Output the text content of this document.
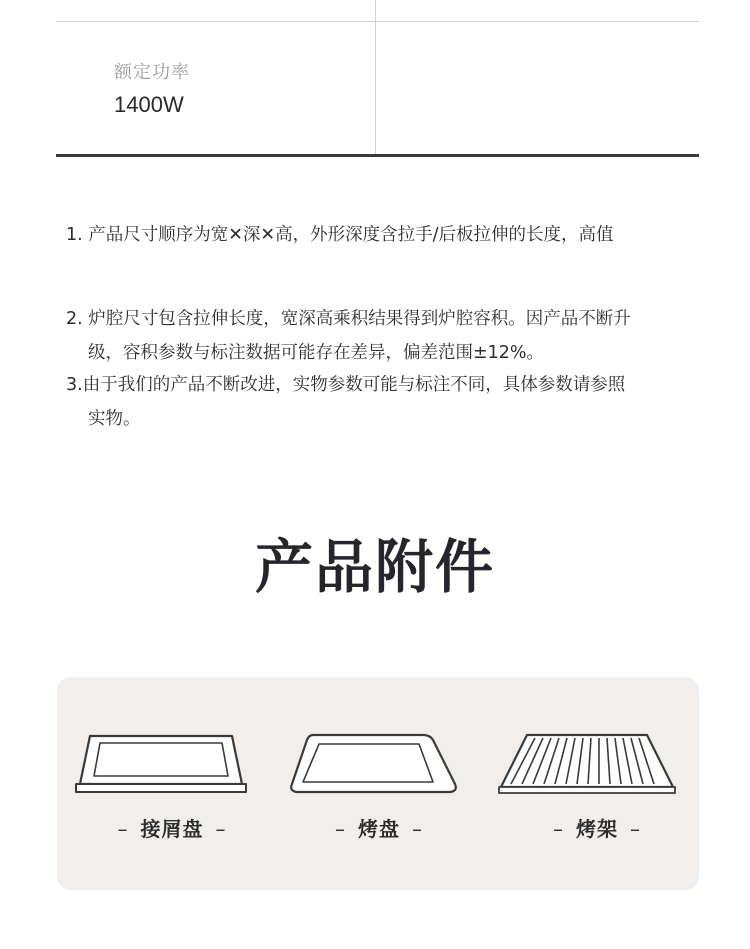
额定功率
1400W
1. 产品尺寸顺序为宽✕深✕高，外形深度含拉手/后板拉伸的长度，高值
2. 炉腔尺寸包含拉伸长度，宽深高乘积结果得到炉腔容积。因产品不断升
级，容积参数与标注数据可能存在差异，偏差范围±12%。
3.由于我们的产品不断改进，实物参数可能与标注不同，具体参数请参照
实物。
产品附件
– 接屑盘 –	– 烤盘 –	– 烤架 –
